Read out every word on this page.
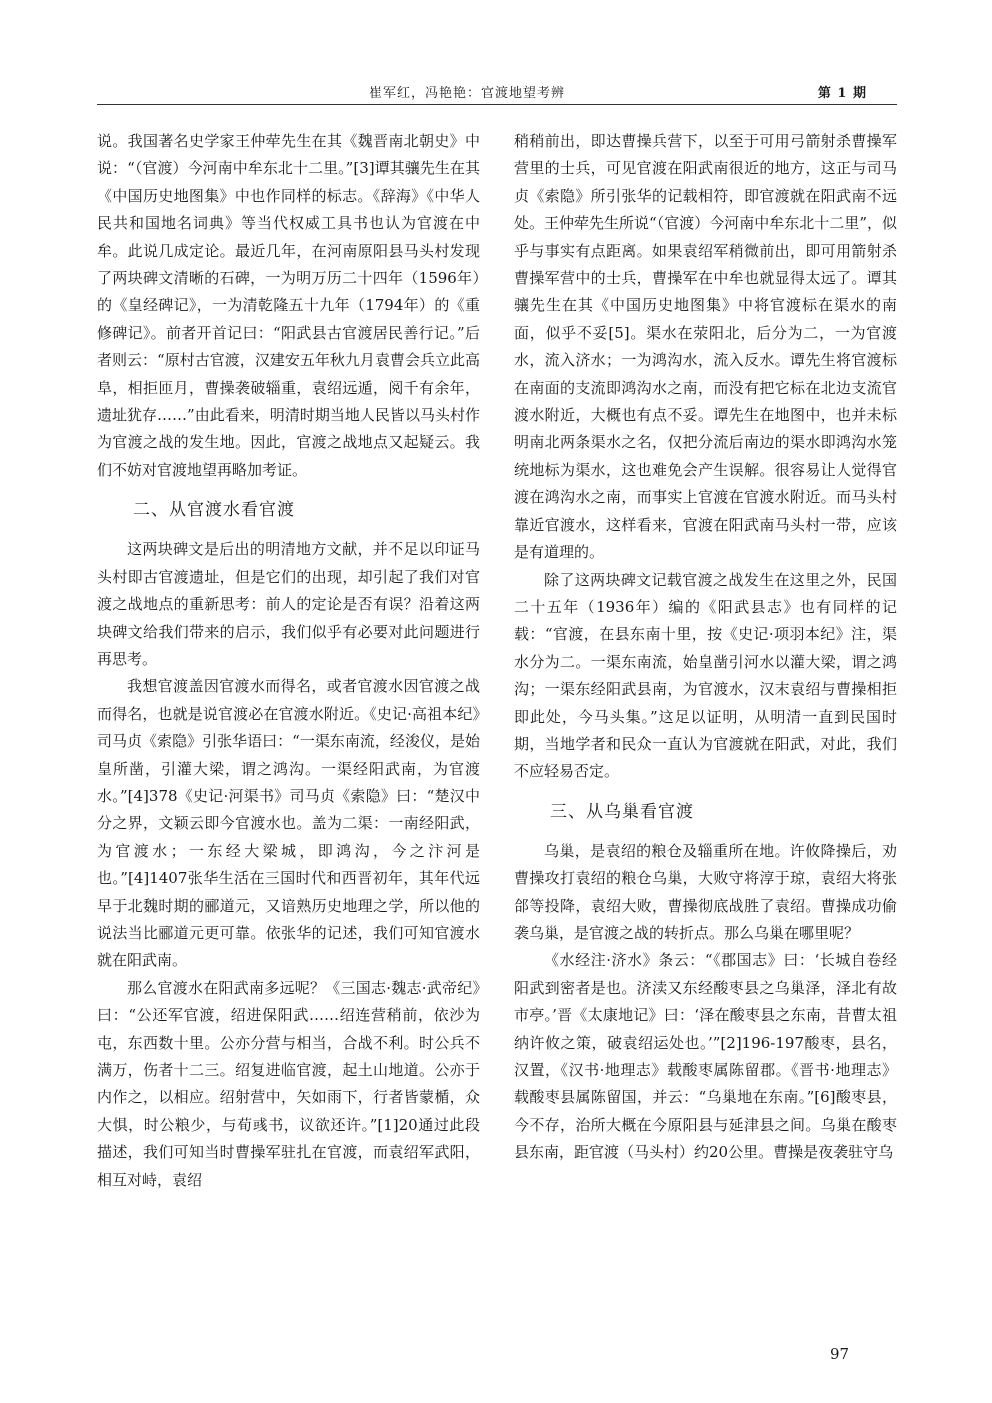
崔军红，冯艳艳：官渡地望考辨	第 1 期

说。我国著名史学家王仲荦先生在其《魏晋南北朝史》中说：“（官渡）今河南中牟东北十二里。”[3]谭其骧先生在其《中国历史地图集》中也作同样的标志。《辞海》《中华人民共和国地名词典》等当代权威工具书也认为官渡在中牟。此说几成定论。最近几年，在河南原阳县马头村发现了两块碑文清晰的石碑，一为明万历二十四年（1596年）的《皇经碑记》，一为清乾隆五十九年（1794年）的《重修碑记》。前者开首记曰：“阳武县古官渡居民善行记。”后者则云：“原村古官渡，汉建安五年秋九月袁曹会兵立此高阜，相拒匝月，曹操袭破辎重，袁绍远遁，阅千有余年，遗址犹存……”由此看来，明清时期当地人民皆以马头村作为官渡之战的发生地。因此，官渡之战地点又起疑云。我们不妨对官渡地望再略加考证。

二、从官渡水看官渡

这两块碑文是后出的明清地方文献，并不足以印证马头村即古官渡遗址，但是它们的出现，却引起了我们对官渡之战地点的重新思考：前人的定论是否有误？沿着这两块碑文给我们带来的启示，我们似乎有必要对此问题进行再思考。

我想官渡盖因官渡水而得名，或者官渡水因官渡之战而得名，也就是说官渡必在官渡水附近。《史记·高祖本纪》司马贞《索隐》引张华语曰：“一渠东南流，经浚仪，是始皇所凿，引灌大梁，谓之鸿沟。一渠经阳武南，为官渡水。”[4]378《史记·河渠书》司马贞《索隐》曰：“楚汉中分之界，文颖云即今官渡水也。盖为二渠：一南经阳武，为官渡水；一东经大梁城，即鸿沟，今之汴河是也。”[4]1407张华生活在三国时代和西晋初年，其年代远早于北魏时期的郦道元，又谙熟历史地理之学，所以他的说法当比郦道元更可靠。依张华的记述，我们可知官渡水就在阳武南。

那么官渡水在阳武南多远呢？《三国志·魏志·武帝纪》曰：“公还军官渡，绍进保阳武……绍连营稍前，依沙为屯，东西数十里。公亦分营与相当，合战不利。时公兵不满万，伤者十二三。绍复进临官渡，起土山地道。公亦于内作之，以相应。绍射营中，矢如雨下，行者皆蒙楯，众大惧，时公粮少，与荀彧书，议欲还许。”[1]20通过此段描述，我们可知当时曹操军驻扎在官渡，而袁绍军武阳，相互对峙，袁绍

稍稍前出，即达曹操兵营下，以至于可用弓箭射杀曹操军营里的士兵，可见官渡在阳武南很近的地方，这正与司马贞《索隐》所引张华的记载相符，即官渡就在阳武南不远处。王仲荦先生所说“（官渡）今河南中牟东北十二里”，似乎与事实有点距离。如果袁绍军稍微前出，即可用箭射杀曹操军营中的士兵，曹操军在中牟也就显得太远了。谭其骧先生在其《中国历史地图集》中将官渡标在渠水的南面，似乎不妥[5]。渠水在荥阳北，后分为二，一为官渡水，流入济水；一为鸿沟水，流入反水。谭先生将官渡标在南面的支流即鸿沟水之南，而没有把它标在北边支流官渡水附近，大概也有点不妥。谭先生在地图中，也并未标明南北两条渠水之名，仅把分流后南边的渠水即鸿沟水笼统地标为渠水，这也难免会产生误解。很容易让人觉得官渡在鸿沟水之南，而事实上官渡在官渡水附近。而马头村靠近官渡水，这样看来，官渡在阳武南马头村一带，应该是有道理的。

除了这两块碑文记载官渡之战发生在这里之外，民国二十五年（1936年）编的《阳武县志》也有同样的记载：“官渡，在县东南十里，按《史记·项羽本纪》注，渠水分为二。一渠东南流，始皇凿引河水以灌大梁，谓之鸿沟；一渠东经阳武县南，为官渡水，汉末袁绍与曹操相拒即此处，今马头集。”这足以证明，从明清一直到民国时期，当地学者和民众一直认为官渡就在阳武，对此，我们不应轻易否定。

三、从乌巢看官渡

乌巢，是袁绍的粮仓及辎重所在地。许攸降操后，劝曹操攻打袁绍的粮仓乌巢，大败守将淳于琼，袁绍大将张郃等投降，袁绍大败，曹操彻底战胜了袁绍。曹操成功偷袭乌巢，是官渡之战的转折点。那么乌巢在哪里呢？

《水经注·济水》条云：“《郡国志》曰：‘长城自卷经阳武到密者是也。济渎又东经酸枣县之乌巢泽，泽北有故市亭。’晋《太康地记》曰：‘泽在酸枣县之东南，昔曹太祖纳许攸之策，破袁绍运处也。’”[2]196-197酸枣，县名，汉置，《汉书·地理志》载酸枣属陈留郡。《晋书·地理志》载酸枣县属陈留国，并云：“乌巢地在东南。”[6]酸枣县，今不存，治所大概在今原阳县与延津县之间。乌巢在酸枣县东南，距官渡（马头村）约20公里。曹操是夜袭驻守乌

97
